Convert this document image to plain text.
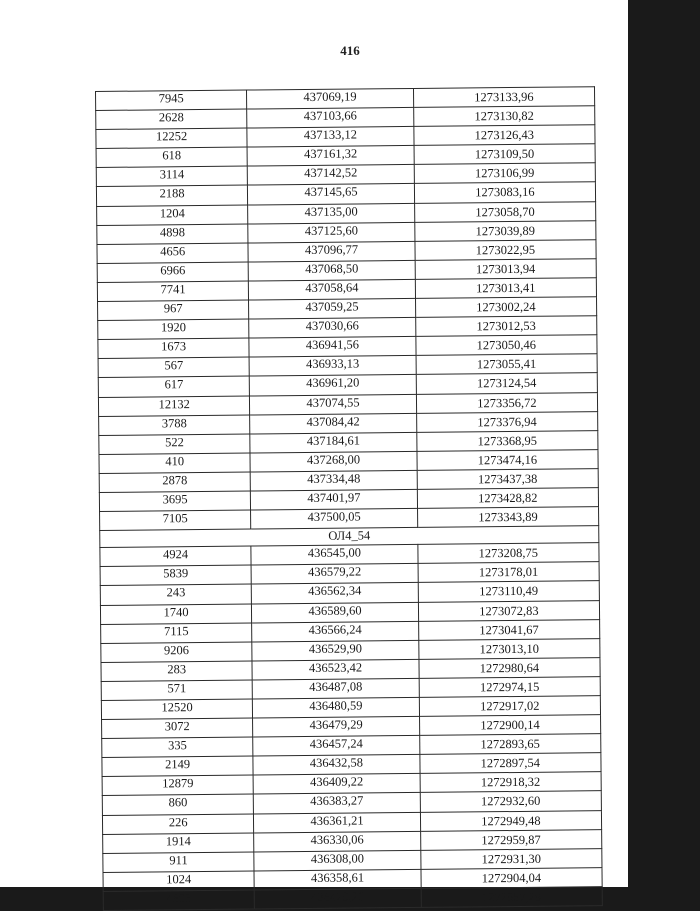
416
7945	437069,19	1273133,96
2628	437103,66	1273130,82
12252	437133,12	1273126,43
618	437161,32	1273109,50
3114	437142,52	1273106,99
2188	437145,65	1273083,16
1204	437135,00	1273058,70
4898	437125,60	1273039,89
4656	437096,77	1273022,95
6966	437068,50	1273013,94
7741	437058,64	1273013,41
967	437059,25	1273002,24
1920	437030,66	1273012,53
1673	436941,56	1273050,46
567	436933,13	1273055,41
617	436961,20	1273124,54
12132	437074,55	1273356,72
3788	437084,42	1273376,94
522	437184,61	1273368,95
410	437268,00	1273474,16
2878	437334,48	1273437,38
3695	437401,97	1273428,82
7105	437500,05	1273343,89
ОЛ4_54		
4924	436545,00	1273208,75
5839	436579,22	1273178,01
243	436562,34	1273110,49
1740	436589,60	1273072,83
7115	436566,24	1273041,67
9206	436529,90	1273013,10
283	436523,42	1272980,64
571	436487,08	1272974,15
12520	436480,59	1272917,02
3072	436479,29	1272900,14
335	436457,24	1272893,65
2149	436432,58	1272897,54
12879	436409,22	1272918,32
860	436383,27	1272932,60
226	436361,21	1272949,48
1914	436330,06	1272959,87
911	436308,00	1272931,30
1024	436358,61	1272904,04
4806	436429,26	1272857,29
